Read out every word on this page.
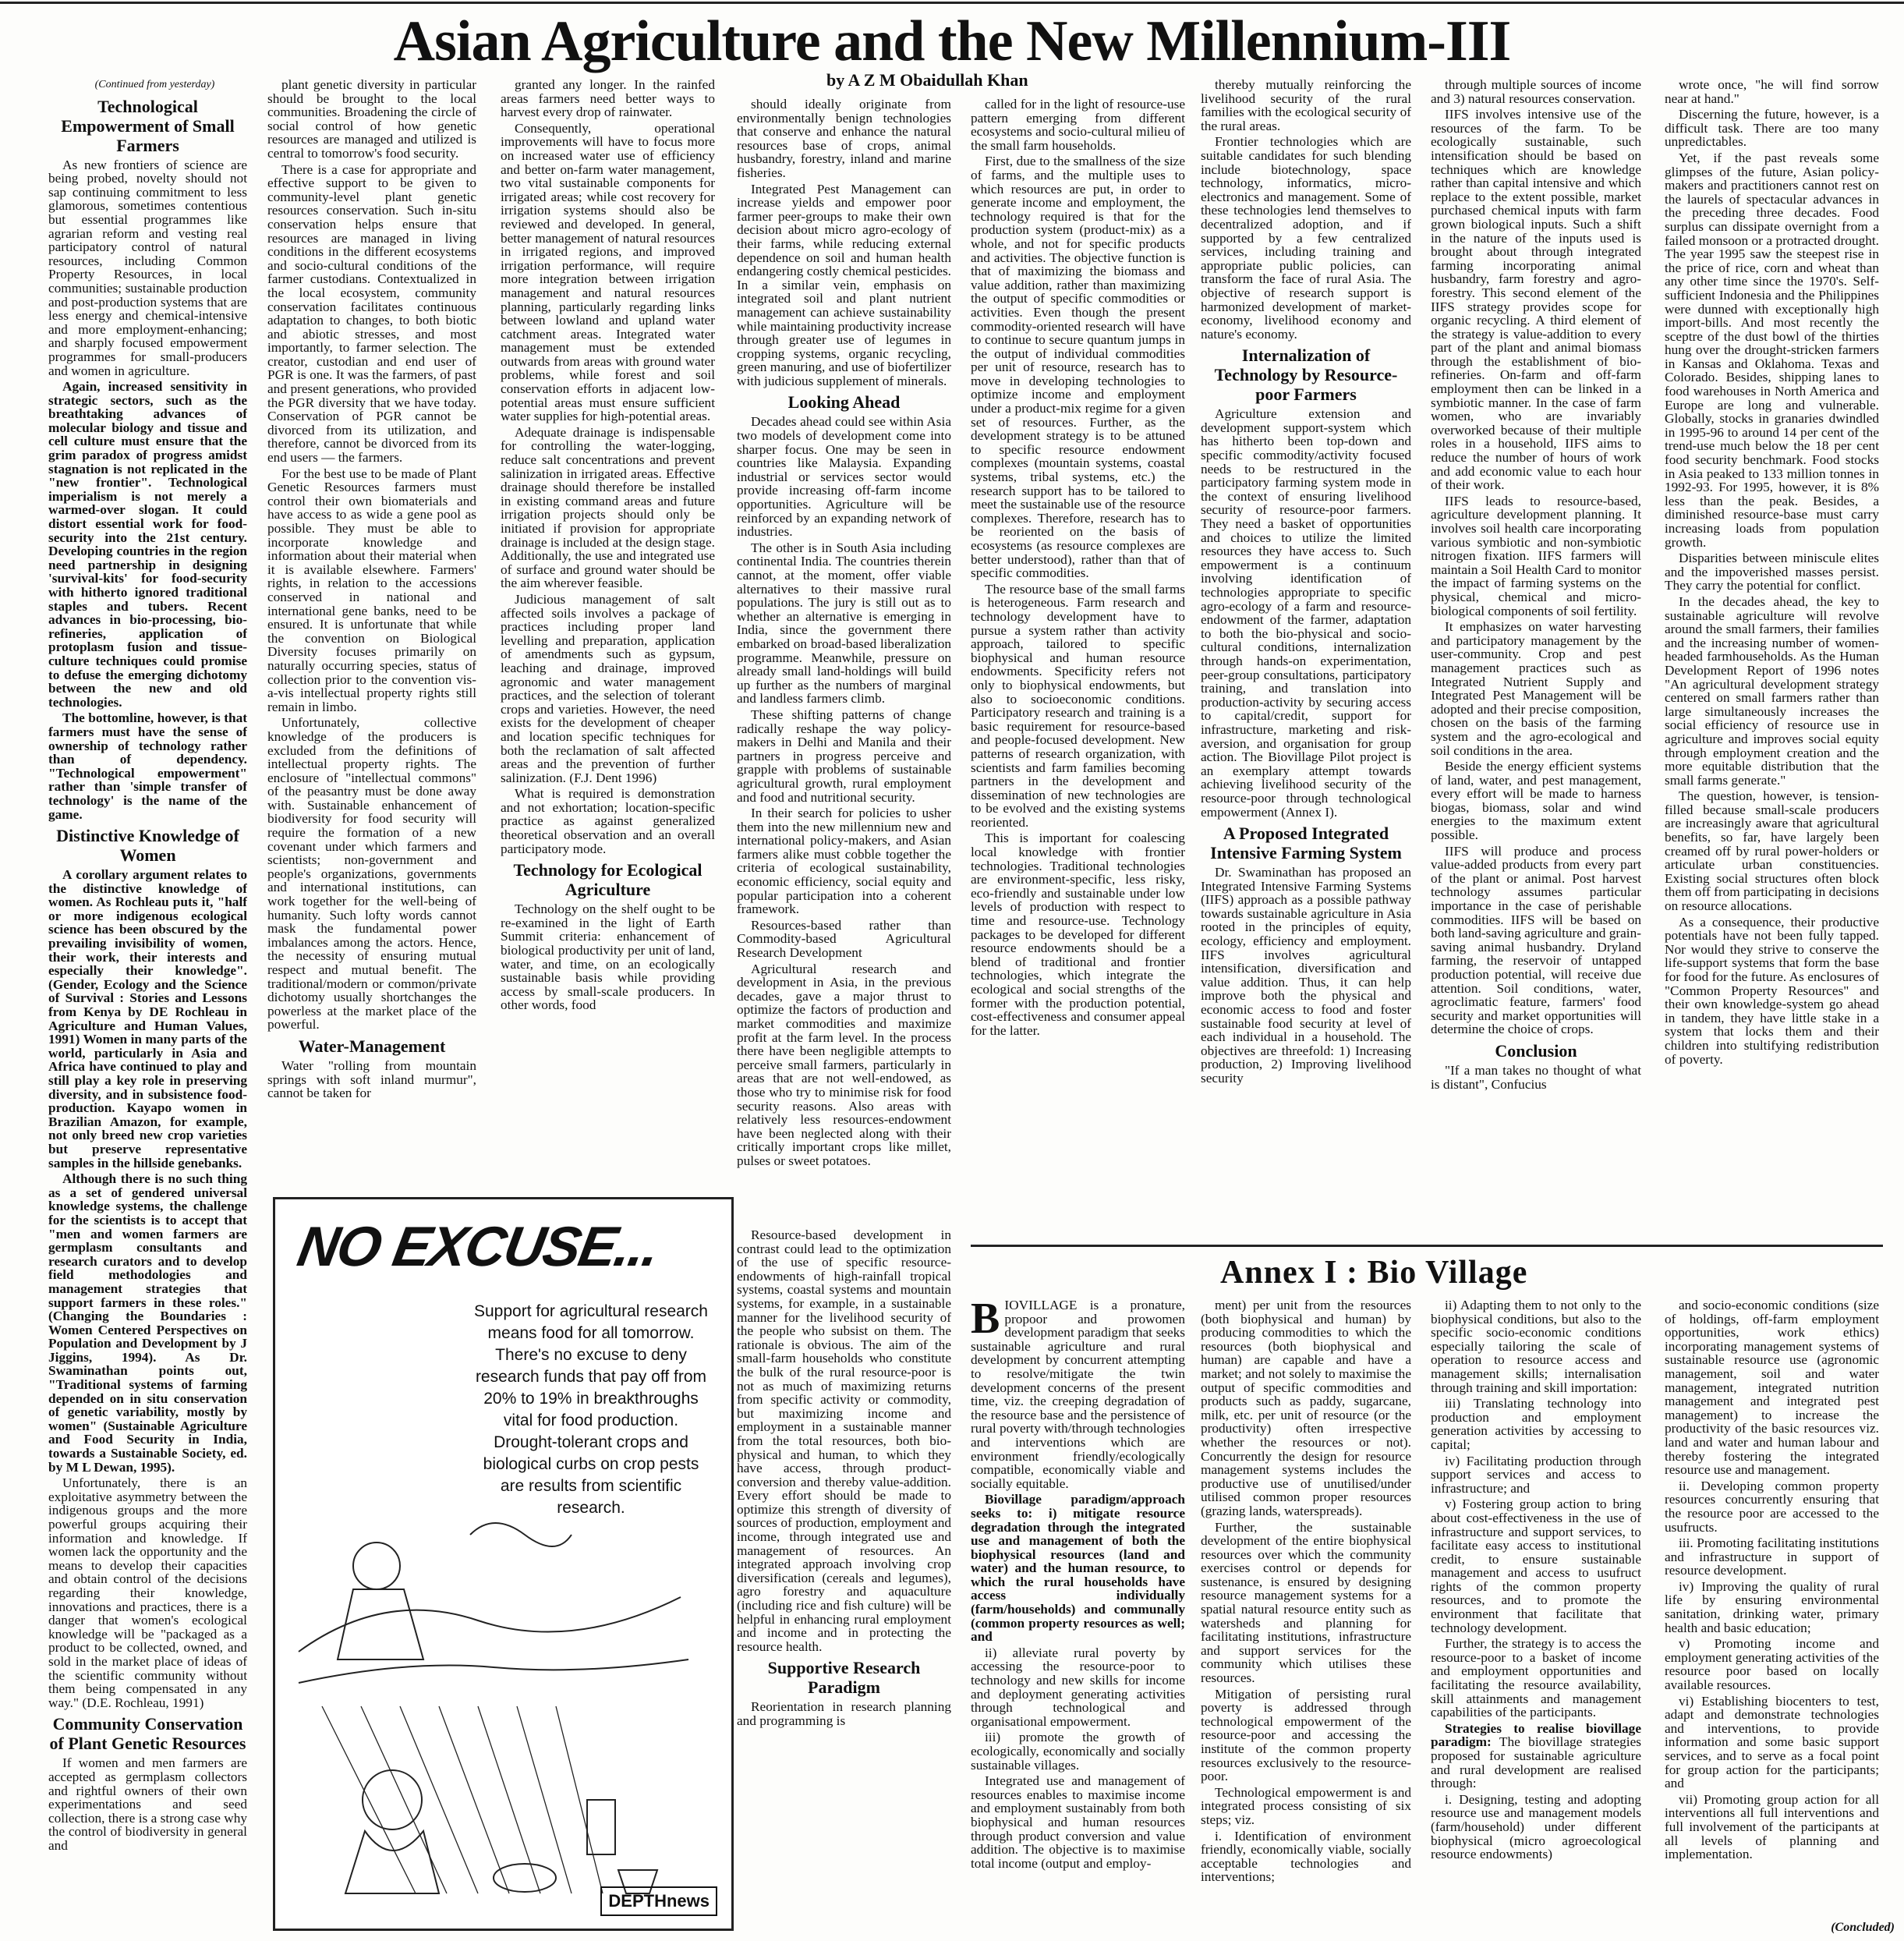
Asian Agriculture and the New Millennium-III
by A Z M Obaidullah Khan

(Continued from yesterday)

Technological Empowerment of Small Farmers

As new frontiers of science are being probed, novelty should not sap continuing commitment to less glamorous, sometimes contentious but essential programmes like agrarian reform and vesting real participatory control of natural resources, including Common Property Resources, in local communities; sustainable production and post-production systems that are less energy and chemical-intensive and more employment-enhancing; and sharply focused empowerment programmes for small-producers and women in agriculture.

Again, increased sensitivity in strategic sectors, such as the breathtaking advances of molecular biology and tissue and cell culture must ensure that the grim paradox of progress amidst stagnation is not replicated in the "new frontier". Technological imperialism is not merely a warmed-over slogan. It could distort essential work for food-security into the 21st century. Developing countries in the region need partnership in designing 'survival-kits' for food-security with hitherto ignored traditional staples and tubers. Recent advances in bio-processing, bio-refineries, application of protoplasm fusion and tissue-culture techniques could promise to defuse the emerging dichotomy between the new and old technologies.

The bottomline, however, is that farmers must have the sense of ownership of technology rather than of dependency. "Technological empowerment" rather than 'simple transfer of technology' is the name of the game.

Distinctive Knowledge of Women

A corollary argument relates to the distinctive knowledge of women. As Rochleau puts it, "half or more indigenous ecological science has been obscured by the prevailing invisibility of women, their work, their interests and especially their knowledge". (Gender, Ecology and the Science of Survival : Stories and Lessons from Kenya by DE Rochleau in Agriculture and Human Values, 1991) Women in many parts of the world, particularly in Asia and Africa have continued to play and still play a key role in preserving diversity, and in subsistence food-production. Kayapo women in Brazilian Amazon, for example, not only breed new crop varieties but preserve representative samples in the hillside genebanks.

Although there is no such thing as a set of gendered universal knowledge systems, the challenge for the scientists is to accept that "men and women farmers are germplasm consultants and research curators and to develop field methodologies and management strategies that support farmers in these roles." (Changing the Boundaries : Women Centered Perspectives on Population and Development by J Jiggins, 1994). As Dr. Swaminathan points out, "Traditional systems of farming depended on in situ conservation of genetic variability, mostly by women" (Sustainable Agriculture and Food Security in India, towards a Sustainable Society, ed. by M L Dewan, 1995).

Unfortunately, there is an exploitative asymmetry between the indigenous groups and the more powerful groups acquiring their information and knowledge. If women lack the opportunity and the means to develop their capacities and obtain control of the decisions regarding their knowledge, innovations and practices, there is a danger that women's ecological knowledge will be "packaged as a product to be collected, owned, and sold in the market place of ideas of the scientific community without them being compensated in any way." (D.E. Rochleau, 1991)

Community Conservation of Plant Genetic Resources

If women and men farmers are accepted as germplasm collectors and rightful owners of their own experimentations and seed collection, there is a strong case why the control of biodiversity in general and

plant genetic diversity in particular should be brought to the local communities. Broadening the circle of social control of how genetic resources are managed and utilized is central to tomorrow's food security.

There is a case for appropriate and effective support to be given to community-level plant genetic resources conservation. Such in-situ conservation helps ensure that resources are managed in living conditions in the different ecosystems and socio-cultural conditions of the farmer custodians. Contextualized in the local ecosystem, community conservation facilitates continuous adaptation to changes, to both biotic and abiotic stresses, and most importantly, to farmer selection. The creator, custodian and end user of PGR is one. It was the farmers, of past and present generations, who provided the PGR diversity that we have today. Conservation of PGR cannot be divorced from its utilization, and therefore, cannot be divorced from its end users — the farmers.

For the best use to be made of Plant Genetic Resources farmers must control their own biomaterials and have access to as wide a gene pool as possible. They must be able to incorporate knowledge and information about their material when it is available elsewhere. Farmers' rights, in relation to the accessions conserved in national and international gene banks, need to be ensured. It is unfortunate that while the convention on Biological Diversity focuses primarily on naturally occurring species, status of collection prior to the convention vis-a-vis intellectual property rights still remain in limbo.

Unfortunately, collective knowledge of the producers is excluded from the definitions of intellectual property rights. The enclosure of "intellectual commons" of the peasantry must be done away with. Sustainable enhancement of biodiversity for food security will require the formation of a new covenant under which farmers and scientists; non-government and people's organizations, governments and international institutions, can work together for the well-being of humanity. Such lofty words cannot mask the fundamental power imbalances among the actors. Hence, the necessity of ensuring mutual respect and mutual benefit. The traditional/modern or common/private dichotomy usually shortchanges the powerless at the market place of the powerful.

Water-Management

Water "rolling from mountain springs with soft inland murmur", cannot be taken for

granted any longer. In the rainfed areas farmers need better ways to harvest every drop of rainwater.

Consequently, operational improvements will have to focus more on increased water use of efficiency and better on-farm water management, two vital sustainable components for irrigated areas; while cost recovery for irrigation systems should also be reviewed and developed. In general, better management of natural resources in irrigated regions, and improved irrigation performance, will require more integration between irrigation management and natural resources planning, particularly regarding links between lowland and upland water catchment areas. Integrated water management must be extended outwards from areas with ground water problems, while forest and soil conservation efforts in adjacent low-potential areas must ensure sufficient water supplies for high-potential areas.

Adequate drainage is indispensable for controlling the water-logging, reduce salt concentrations and prevent salinization in irrigated areas. Effective drainage should therefore be installed in existing command areas and future irrigation projects should only be initiated if provision for appropriate drainage is included at the design stage. Additionally, the use and integrated use of surface and ground water should be the aim wherever feasible.

Judicious management of salt affected soils involves a package of practices including proper land levelling and preparation, application of amendments such as gypsum, leaching and drainage, improved agronomic and water management practices, and the selection of tolerant crops and varieties. However, the need exists for the development of cheaper and location specific techniques for both the reclamation of salt affected areas and the prevention of further salinization. (F.J. Dent 1996)

What is required is demonstration and not exhortation; location-specific practice as against generalized theoretical observation and an overall participatory mode.

Technology for Ecological Agriculture

Technology on the shelf ought to be re-examined in the light of Earth Summit criteria: enhancement of biological productivity per unit of land, water, and time, on an ecologically sustainable basis while providing access by small-scale producers. In other words, food

should ideally originate from environmentally benign technologies that conserve and enhance the natural resources base of crops, animal husbandry, forestry, inland and marine fisheries.

Integrated Pest Management can increase yields and empower poor farmer peer-groups to make their own decision about micro agro-ecology of their farms, while reducing external dependence on soil and human health endangering costly chemical pesticides. In a similar vein, emphasis on integrated soil and plant nutrient management can achieve sustainability while maintaining productivity increase through greater use of legumes in cropping systems, organic recycling, green manuring, and use of biofertilizer with judicious supplement of minerals.

Looking Ahead

Decades ahead could see within Asia two models of development come into sharper focus. One may be seen in countries like Malaysia. Expanding industrial or services sector would provide increasing off-farm income opportunities. Agriculture will be reinforced by an expanding network of industries.

The other is in South Asia including continental India. The countries therein cannot, at the moment, offer viable alternatives to their massive rural populations. The jury is still out as to whether an alternative is emerging in India, since the government there embarked on broad-based liberalization programme. Meanwhile, pressure on already small land-holdings will build up further as the numbers of marginal and landless farmers climb.

These shifting patterns of change radically reshape the way policy-makers in Delhi and Manila and their partners in progress perceive and grapple with problems of sustainable agricultural growth, rural employment and food and nutritional security.

In their search for policies to usher them into the new millennium new and international policy-makers, and Asian farmers alike must cobble together the criteria of ecological sustainability, economic efficiency, social equity and popular participation into a coherent framework.

Resources-based rather than Commodity-based Agricultural Research Development

Agricultural research and development in Asia, in the previous decades, gave a major thrust to optimize the factors of production and market commodities and maximize profit at the farm level. In the process there have been negligible attempts to perceive small farmers, particularly in areas that are not well-endowed, as those who try to minimise risk for food security reasons. Also areas with relatively less resources-endowment have been neglected along with their critically important crops like millet, pulses or sweet potatoes.

Resource-based development in contrast could lead to the optimization of the use of specific resource-endowments of high-rainfall tropical systems, coastal systems and mountain systems, for example, in a sustainable manner for the livelihood security of the people who subsist on them. The rationale is obvious. The aim of the small-farm households who constitute the bulk of the rural resource-poor is not as much of maximizing returns from specific activity or commodity, but maximizing income and employment in a sustainable manner from the total resources, both bio-physical and human, to which they have access, through product-conversion and thereby value-addition. Every effort should be made to optimize this strength of diversity of sources of production, employment and income, through integrated use and management of resources. An integrated approach involving crop diversification (cereals and legumes), agro forestry and aquaculture (including rice and fish culture) will be helpful in enhancing rural employment and income and in protecting the resource health.

Supportive Research Paradigm

Reorientation in research planning and programming is

called for in the light of resource-use pattern emerging from different ecosystems and socio-cultural milieu of the small farm households.

First, due to the smallness of the size of farms, and the multiple uses to which resources are put, in order to generate income and employment, the technology required is that for the production system (product-mix) as a whole, and not for specific products and activities. The objective function is that of maximizing the biomass and value addition, rather than maximizing the output of specific commodities or activities. Even though the present commodity-oriented research will have to continue to secure quantum jumps in the output of individual commodities per unit of resource, research has to move in developing technologies to optimize income and employment under a product-mix regime for a given set of resources. Further, as the development strategy is to be attuned to specific resource endowment complexes (mountain systems, coastal systems, tribal systems, etc.) the research support has to be tailored to meet the sustainable use of the resource complexes. Therefore, research has to be reoriented on the basis of ecosystems (as resource complexes are better understood), rather than that of specific commodities.

The resource base of the small farms is heterogeneous. Farm research and technology development have to pursue a system rather than activity approach, tailored to specific biophysical and human resource endowments. Specificity refers not only to biophysical endowments, but also to socioeconomic conditions. Participatory research and training is a basic requirement for resource-based and people-focused development. New patterns of research organization, with scientists and farm families becoming partners in the development and dissemination of new technologies are to be evolved and the existing systems reoriented.

This is important for coalescing local knowledge with frontier technologies. Traditional technologies are environment-specific, less risky, eco-friendly and sustainable under low levels of production with respect to time and resource-use. Technology packages to be developed for different resource endowments should be a blend of traditional and frontier technologies, which integrate the ecological and social strengths of the former with the production potential, cost-effectiveness and consumer appeal for the latter.

thereby mutually reinforcing the livelihood security of the rural families with the ecological security of the rural areas.

Frontier technologies which are suitable candidates for such blending include biotechnology, space technology, informatics, micro-electronics and management. Some of these technologies lend themselves to decentralized adoption, and if supported by a few centralized services, including training and appropriate public policies, can transform the face of rural Asia. The objective of research support is harmonized development of market-economy, livelihood economy and nature's economy.

Internalization of Technology by Resource-poor Farmers

Agriculture extension and development support-system which has hitherto been top-down and specific commodity/activity focused needs to be restructured in the participatory farming system mode in the context of ensuring livelihood security of resource-poor farmers. They need a basket of opportunities and choices to utilize the limited resources they have access to. Such empowerment is a continuum involving identification of technologies appropriate to specific agro-ecology of a farm and resource-endowment of the farmer, adaptation to both the bio-physical and socio-cultural conditions, internalization through hands-on experimentation, peer-group consultations, participatory training, and translation into production-activity by securing access to capital/credit, support for infrastructure, marketing and risk-aversion, and organisation for group action. The Biovillage Pilot project is an exemplary attempt towards achieving livelihood security of the resource-poor through technological empowerment (Annex I).

A Proposed Integrated Intensive Farming System

Dr. Swaminathan has proposed an Integrated Intensive Farming Systems (IIFS) approach as a possible pathway towards sustainable agriculture in Asia rooted in the principles of equity, ecology, efficiency and employment. IIFS involves agricultural intensification, diversification and value addition. Thus, it can help improve both the physical and economic access to food and foster sustainable food security at level of each individual in a household. The objectives are threefold: 1) Increasing production, 2) Improving livelihood security

through multiple sources of income and 3) natural resources conservation.

IIFS involves intensive use of the resources of the farm. To be ecologically sustainable, such intensification should be based on techniques which are knowledge rather than capital intensive and which replace to the extent possible, market purchased chemical inputs with farm grown biological inputs. Such a shift in the nature of the inputs used is brought about through integrated farming incorporating animal husbandry, farm forestry and agro-forestry. This second element of the IIFS strategy provides scope for organic recycling. A third element of the strategy is value-addition to every part of the plant and animal biomass through the establishment of bio-refineries. On-farm and off-farm employment then can be linked in a symbiotic manner. In the case of farm women, who are invariably overworked because of their multiple roles in a household, IIFS aims to reduce the number of hours of work and add economic value to each hour of their work.

IIFS leads to resource-based, agriculture development planning. It involves soil health care incorporating various symbiotic and non-symbiotic nitrogen fixation. IIFS farmers will maintain a Soil Health Card to monitor the impact of farming systems on the physical, chemical and micro-biological components of soil fertility.

It emphasizes on water harvesting and participatory management by the user-community. Crop and pest management practices such as Integrated Nutrient Supply and Integrated Pest Management will be adopted and their precise composition, chosen on the basis of the farming system and the agro-ecological and soil conditions in the area.

Beside the energy efficient systems of land, water, and pest management, every effort will be made to harness biogas, biomass, solar and wind energies to the maximum extent possible.

IIFS will produce and process value-added products from every part of the plant or animal. Post harvest technology assumes particular importance in the case of perishable commodities. IIFS will be based on both land-saving agriculture and grain-saving animal husbandry. Dryland farming, the reservoir of untapped production potential, will receive due attention. Soil conditions, water, agroclimatic feature, farmers' food security and market opportunities will determine the choice of crops.

Conclusion

"If a man takes no thought of what is distant", Confucius

wrote once, "he will find sorrow near at hand."

Discerning the future, however, is a difficult task. There are too many unpredictables.

Yet, if the past reveals some glimpses of the future, Asian policy-makers and practitioners cannot rest on the laurels of spectacular advances in the preceding three decades. Food surplus can dissipate overnight from a failed monsoon or a protracted drought. The year 1995 saw the steepest rise in the price of rice, corn and wheat than any other time since the 1970's. Self-sufficient Indonesia and the Philippines were dunned with exceptionally high import-bills. And most recently the sceptre of the dust bowl of the thirties hung over the drought-stricken farmers in Kansas and Oklahoma. Texas and Colorado. Besides, shipping lanes to food warehouses in North America and Europe are long and vulnerable. Globally, stocks in granaries dwindled in 1995-96 to around 14 per cent of the trend-use much below the 18 per cent food security benchmark. Food stocks in Asia peaked to 133 million tonnes in 1992-93. For 1995, however, it is 8% less than the peak. Besides, a diminished resource-base must carry increasing loads from population growth.

Disparities between miniscule elites and the impoverished masses persist. They carry the potential for conflict.

In the decades ahead, the key to sustainable agriculture will revolve around the small farmers, their families and the increasing number of women-headed farmhouseholds. As the Human Development Report of 1996 notes "An agricultural development strategy centered on small farmers rather than large simultaneously increases the social efficiency of resource use in agriculture and improves social equity through employment creation and the more equitable distribution that the small farms generate."

The question, however, is tension-filled because small-scale producers are increasingly aware that agricultural benefits, so far, have largely been creamed off by rural power-holders or articulate urban constituencies. Existing social structures often block them off from participating in decisions on resource allocations.

As a consequence, their productive potentials have not been fully tapped. Nor would they strive to conserve the life-support systems that form the base for food for the future. As enclosures of "Common Property Resources" and their own knowledge-system go ahead in tandem, they have little stake in a system that locks them and their children into stultifying redistribution of poverty.

NO EXCUSE...
Support for agricultural research means food for all tomorrow. There's no excuse to deny research funds that pay off from 20% to 19% in breakthroughs vital for food production. Drought-tolerant crops and biological curbs on crop pests are results from scientific research.
DEPTHnews
Annex I : Bio Village

BIOVILLAGE is a pronature, propoor and prowomen development paradigm that seeks sustainable agriculture and rural development by concurrent attempting to resolve/mitigate the twin development concerns of the present time, viz. the creeping degradation of the resource base and the persistence of rural poverty with/through technologies and interventions which are environment friendly/ecologically compatible, economically viable and socially equitable.

Biovillage paradigm/approach seeks to: i) mitigate resource degradation through the integrated use and management of both the biophysical resources (land and water) and the human resource, to which the rural households have access individually (farm/households) and communally (common property resources as well; and

ii) alleviate rural poverty by accessing the resource-poor to technology and new skills for income and deployment generating activities through technological and organisational empowerment.

iii) promote the growth of ecologically, economically and socially sustainable villages.

Integrated use and management of resources enables to maximise income and employment sustainably from both biophysical and human resources through product conversion and value addition. The objective is to maximise total income (output and employ-

ment) per unit from the resources (both biophysical and human) by producing commodities to which the resources (both biophysical and human) are capable and have a market; and not solely to maximise the output of specific commodities and products such as paddy, sugarcane, milk, etc. per unit of resource (or the productivity) often irrespective whether the resources or not). Concurrently the design for resource management systems includes the productive use of unutilised/under utilised common proper resources (grazing lands, waterspreads).

Further, the sustainable development of the entire biophysical resources over which the community exercises control or depends for sustenance, is ensured by designing resource management systems for a spatial natural resource entity such as watersheds and planning for facilitating institutions, infrastructure and support services for the community which utilises these resources.

Mitigation of persisting rural poverty is addressed through technological empowerment of the resource-poor and accessing the institute of the common property resources exclusively to the resource-poor.

Technological empowerment is and integrated process consisting of six steps; viz.

i. Identification of environment friendly, economically viable, socially acceptable technologies and interventions;

ii) Adapting them to not only to the biophysical conditions, but also to the specific socio-economic conditions especially tailoring the scale of operation to resource access and management skills; internalisation through training and skill importation:

iii) Translating technology into production and employment generation activities by accessing to capital;

iv) Facilitating production through support services and access to infrastructure; and

v) Fostering group action to bring about cost-effectiveness in the use of infrastructure and support services, to facilitate easy access to institutional credit, to ensure sustainable management and access to usufruct rights of the common property resources, and to promote the environment that facilitate that technology development.

Further, the strategy is to access the resource-poor to a basket of income and employment opportunities and facilitating the resource availability, skill attainments and management capabilities of the participants.

Strategies to realise biovillage paradigm: The biovillage strategies proposed for sustainable agriculture and rural development are realised through:

i. Designing, testing and adopting resource use and management models (farm/household) under different biophysical (micro agroecological resource endowments)

and socio-economic conditions (size of holdings, off-farm employment opportunities, work ethics) incorporating management systems of sustainable resource use (agronomic management, soil and water management, integrated nutrition management and integrated pest management) to increase the productivity of the basic resources viz. land and water and human labour and thereby fostering the integrated resource use and management.

ii. Developing common property resources concurrently ensuring that the resource poor are accessed to the usufructs.

iii. Promoting facilitating institutions and infrastructure in support of resource development.

iv) Improving the quality of rural life by ensuring environmental sanitation, drinking water, primary health and basic education;

v) Promoting income and employment generating activities of the resource poor based on locally available resources.

vi) Establishing biocenters to test, adapt and demonstrate technologies and interventions, to provide information and some basic support services, and to serve as a focal point for group action for the participants; and

vii) Promoting group action for all interventions all full interventions and full involvement of the participants at all levels of planning and implementation.

(Concluded)
